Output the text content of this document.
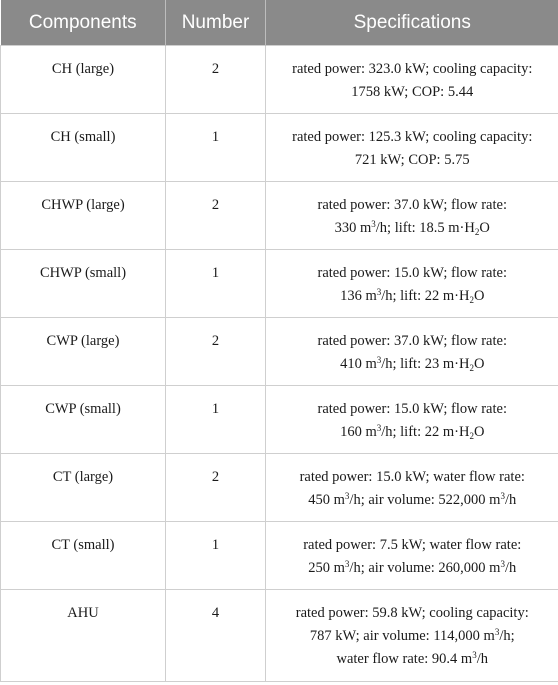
Components	Number	Specifications
CH (large)	2	rated power: 323.0 kW; cooling capacity:
1758 kW; COP: 5.44

CH (small)	1	rated power: 125.3 kW; cooling capacity:
721 kW; COP: 5.75

CHWP (large)	2	rated power: 37.0 kW; flow rate:
330 $m^3/h$; lift: 18.5 $m\cdot H_2O$

CHWP (small)	1	rated power: 15.0 kW; flow rate:
136 $m^3/h$; lift: 22 $m\cdot H_2O$

CWP (large)	2	rated power: 37.0 kW; flow rate:
410 $m^3/h$; lift: 23 $m\cdot H_2O$

CWP (small)	1	rated power: 15.0 kW; flow rate:
160 $m^3/h$; lift: 22 $m\cdot H_2O$

CT (large)	2	rated power: 15.0 kW; water flow rate:
450 $m^3/h$; air volume: 522,000 $m^3/h$

CT (small)	1	rated power: 7.5 kW; water flow rate:
250 $m^3/h$; air volume: 260,000 $m^3/h$

AHU	4	rated power: 59.8 kW; cooling capacity:
787 kW; air volume: 114,000 $m^3/h$;
water flow rate: 90.4 $m^3/h$
